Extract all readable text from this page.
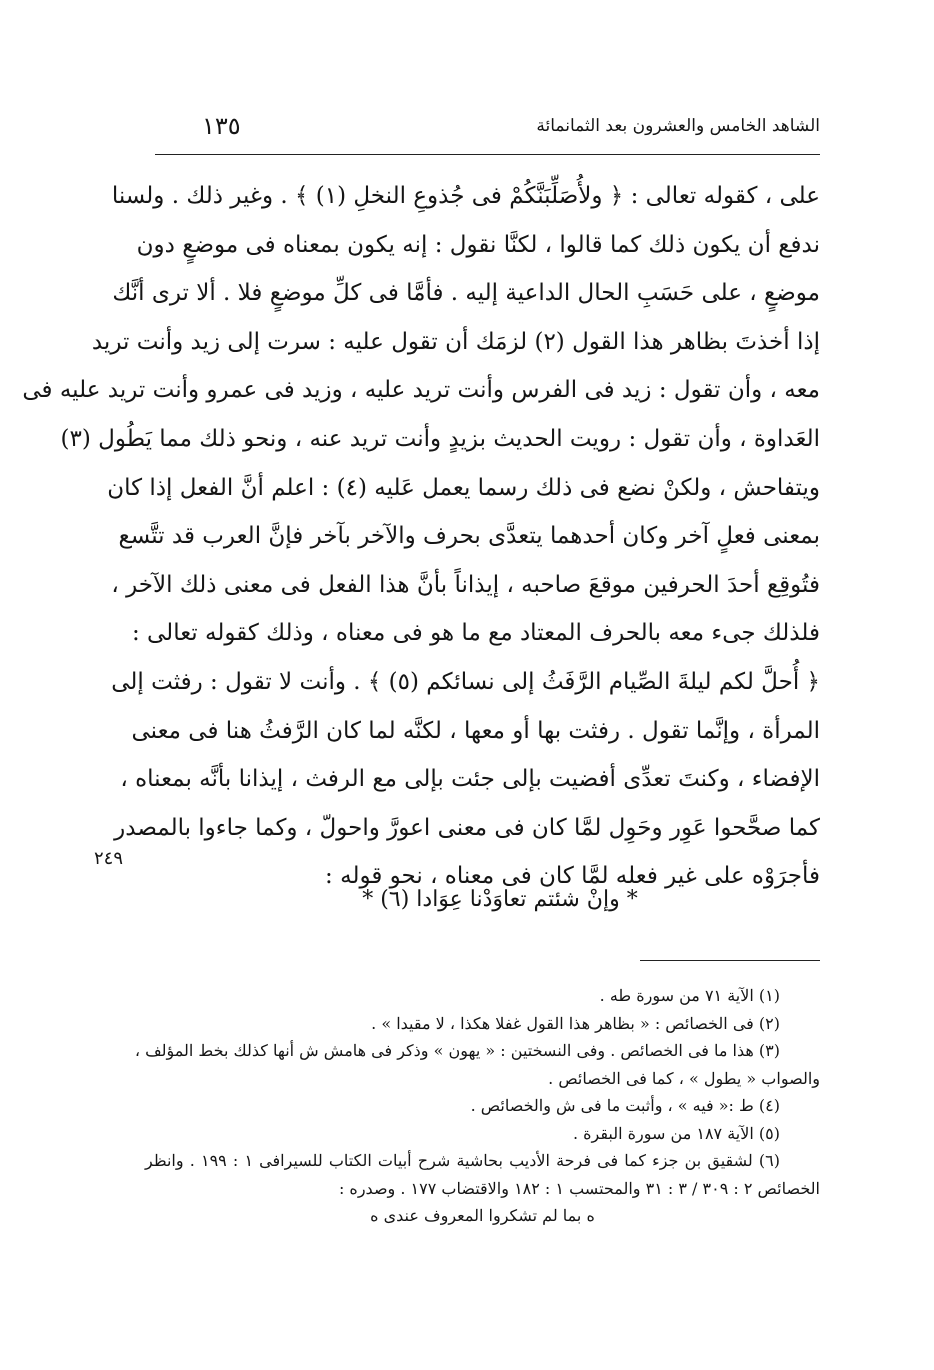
الشاهد الخامس والعشرون بعد الثمانمائة
١٣٥
على ، كقوله تعالى : ﴿ ولأُصَلِّبَنَّكُمْ فى جُذوعِ النخلِ (١) ﴾ . وغير ذلك . ولسنا
ندفع أن يكون ذلك كما قالوا ، لكنَّا نقول : إنه يكون بمعناه فى موضعٍ دون
موضعٍ ، على حَسَبِ الحال الداعية إليه . فأمَّا فى كلِّ موضعٍ فلا . ألا ترى أنَّك
إذا أخذتَ بظاهر هذا القول (٢) لزمَك أن تقول عليه : سرت إلى زيد وأنت تريد
معه ، وأن تقول : زيد فى الفرس وأنت تريد عليه ، وزيد فى عمرو وأنت تريد عليه فى
العَداوة ، وأن تقول : رويت الحديث بزيدٍ وأنت تريد عنه ، ونحو ذلك مما يَطُول (٣)
ويتفاحش ، ولكنْ نضع فى ذلك رسما يعمل عَليه (٤) : اعلم أنَّ الفعل إذا كان
بمعنى فعلٍ آخر وكان أحدهما يتعدَّى بحرف والآخر بآخر فإنَّ العرب قد تتَّسع
فتُوقِع أحدَ الحرفين موقعَ صاحبه ، إيذاناً بأنَّ هذا الفعل فى معنى ذلك الآخر ،
فلذلك جىء معه بالحرف المعتاد مع ما هو فى معناه ، وذلك كقوله تعالى :
﴿ أُحلَّ لكم ليلةَ الصِّيام الرَّفَثُ إلى نسائكم (٥) ﴾ . وأنت لا تقول : رفثت إلى
المرأة ، وإنَّما تقول . رفثت بها أو معها ، لكنَّه لما كان الرَّفثُ هنا فى معنى
الإفضاء ، وكنتَ تعدِّى أفضيت بإلى جئت بإلى مع الرفث ، إيذانا بأنَّه بمعناه ،
كما صحَّحوا عَوِر وحَوِل لمَّا كان فى معنى اعورَّ واحولّ ، وكما جاءوا بالمصدر
فأجرَوْه على غير فعله لمَّا كان فى معناه ، نحو قوله :
٢٤٩
* وإنْ شئتم تعاوَدْنا عِوَادا (٦) *
(١) الآية ٧١ من سورة طه .
(٢) فى الخصائص : « بظاهر هذا القول غفلا هكذا ، لا مقيدا » .
(٣) هذا ما فى الخصائص . وفى النسختين : « يهون » وذكر فى هامش ش أنها كذلك بخط المؤلف ،
والصواب « يطول » ، كما فى الخصائص .
(٤) ط :« فيه » ، وأثبت ما فى ش والخصائص .
(٥) الآية ١٨٧ من سورة البقرة .
(٦) لشقيق بن جزء كما فى فرحة الأديب بحاشية شرح أبيات الكتاب للسيرافى ١ : ١٩٩ . وانظر
الخصائص ٢ : ٣٠٩ / ٣ : ٣١ والمحتسب ١ : ١٨٢ والاقتضاب ١٧٧ . وصدره :
ه بما لم تشكروا المعروف عندى ه
